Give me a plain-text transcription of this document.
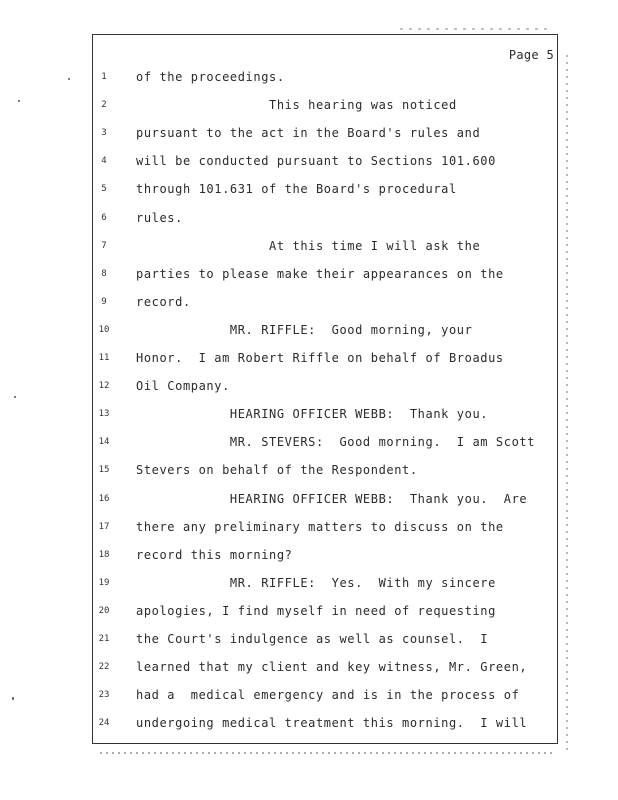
Page 5
1	of the proceedings.
2	This hearing was noticed
3	pursuant to the act in the Board's rules and
4	will be conducted pursuant to Sections 101.600
5	through 101.631 of the Board's procedural
6	rules.
7	At this time I will ask the
8	parties to please make their appearances on the
9	record.
10	MR. RIFFLE:  Good morning, your
11	Honor.  I am Robert Riffle on behalf of Broadus
12	Oil Company.
13	HEARING OFFICER WEBB:  Thank you.
14	MR. STEVERS:  Good morning.  I am Scott
15	Stevers on behalf of the Respondent.
16	HEARING OFFICER WEBB:  Thank you.  Are
17	there any preliminary matters to discuss on the
18	record this morning?
19	MR. RIFFLE:  Yes.  With my sincere
20	apologies, I find myself in need of requesting
21	the Court's indulgence as well as counsel.  I
22	learned that my client and key witness, Mr. Green,
23	had a  medical emergency and is in the process of
24	undergoing medical treatment this morning.  I will
